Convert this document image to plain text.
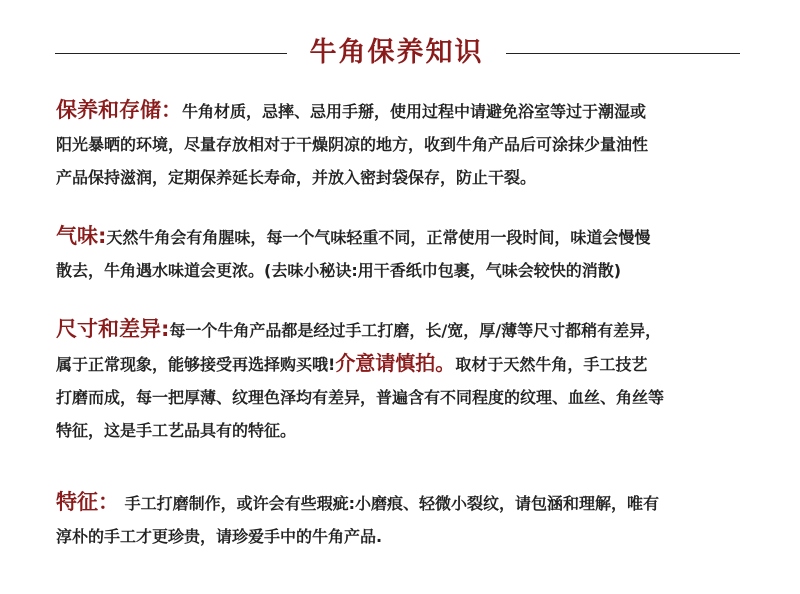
牛角保养知识

保养和存储：牛角材质，忌摔、忌用手掰，使用过程中请避免浴室等过于潮湿或

阳光暴晒的环境，尽量存放相对于干燥阴凉的地方，收到牛角产品后可涂抹少量油性

产品保持滋润，定期保养延长寿命，并放入密封袋保存，防止干裂。

气味:天然牛角会有角腥味，每一个气味轻重不同，正常使用一段时间，味道会慢慢

散去，牛角遇水味道会更浓。(去味小秘诀:用干香纸巾包裹，气味会较快的消散)

尺寸和差异:每一个牛角产品都是经过手工打磨，长/宽，厚/薄等尺寸都稍有差异，

属于正常现象，能够接受再选择购买哦!介意请慎拍。取材于天然牛角，手工技艺

打磨而成，每一把厚薄、纹理色泽均有差异，普遍含有不同程度的纹理、血丝、角丝等

特征，这是手工艺品具有的特征。

特征： 手工打磨制作，或许会有些瑕疵:小磨痕、轻微小裂纹，请包涵和理解，唯有

淳朴的手工才更珍贵，请珍爱手中的牛角产品.
